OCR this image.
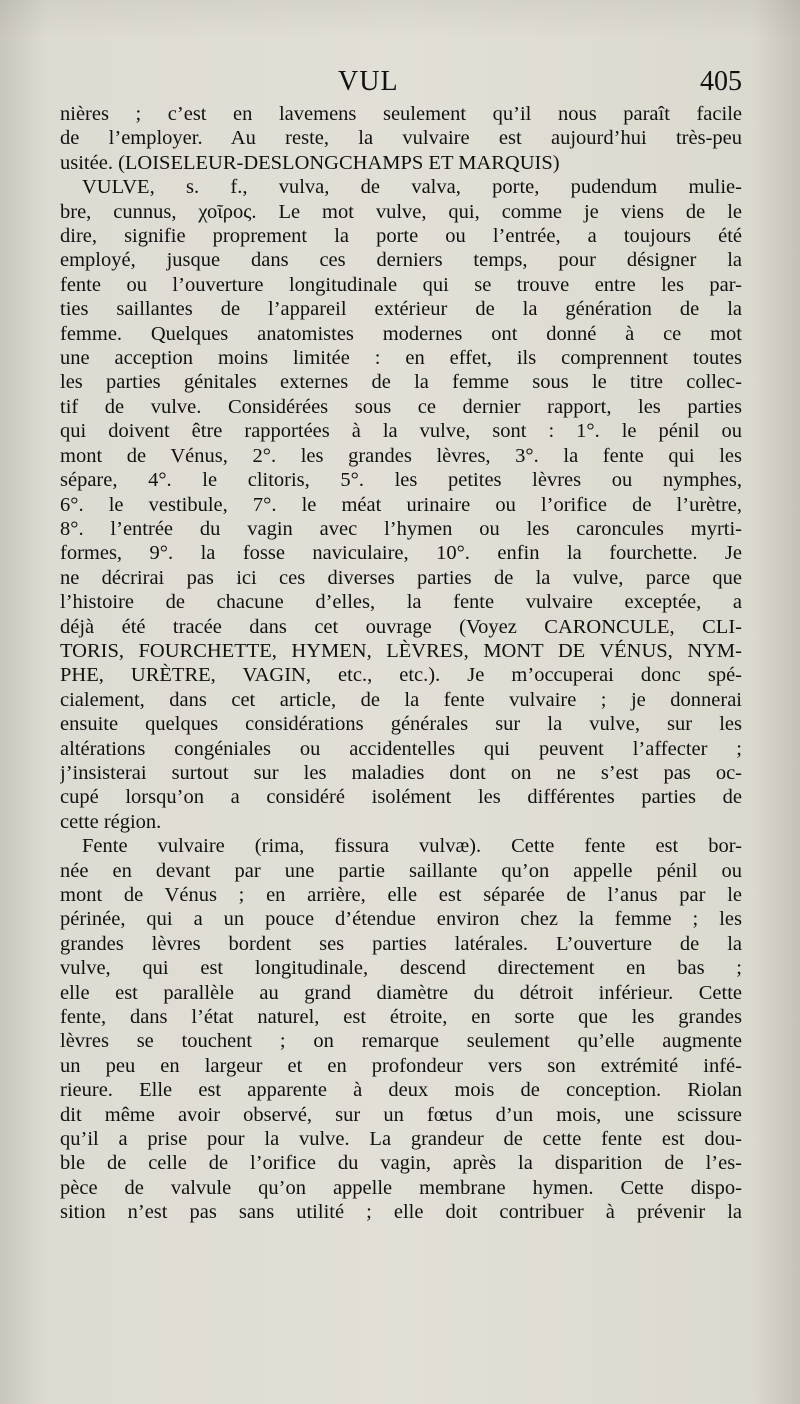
VUL	405
nières ; c’est en lavemens seulement qu’il nous paraît facile
de l’employer. Au reste, la vulvaire est aujourd’hui très-peu
usitée. (LOISELEUR-DESLONGCHAMPS ET MARQUIS)
VULVE, s. f., vulva, de valva, porte, pudendum mulie-
bre, cunnus, χοῖρος. Le mot vulve, qui, comme je viens de le
dire, signifie proprement la porte ou l’entrée, a toujours été
employé, jusque dans ces derniers temps, pour désigner la
fente ou l’ouverture longitudinale qui se trouve entre les par-
ties saillantes de l’appareil extérieur de la génération de la
femme. Quelques anatomistes modernes ont donné à ce mot
une acception moins limitée : en effet, ils comprennent toutes
les parties génitales externes de la femme sous le titre collec-
tif de vulve. Considérées sous ce dernier rapport, les parties
qui doivent être rapportées à la vulve, sont : 1°. le pénil ou
mont de Vénus, 2°. les grandes lèvres, 3°. la fente qui les
sépare, 4°. le clitoris, 5°. les petites lèvres ou nymphes,
6°. le vestibule, 7°. le méat urinaire ou l’orifice de l’urètre,
8°. l’entrée du vagin avec l’hymen ou les caroncules myrti-
formes, 9°. la fosse naviculaire, 10°. enfin la fourchette. Je
ne décrirai pas ici ces diverses parties de la vulve, parce que
l’histoire de chacune d’elles, la fente vulvaire exceptée, a
déjà été tracée dans cet ouvrage (Voyez CARONCULE, CLI-
TORIS, FOURCHETTE, HYMEN, LÈVRES, MONT DE VÉNUS, NYM-
PHE, URÈTRE, VAGIN, etc., etc.). Je m’occuperai donc spé-
cialement, dans cet article, de la fente vulvaire ; je donnerai
ensuite quelques considérations générales sur la vulve, sur les
altérations congéniales ou accidentelles qui peuvent l’affecter ;
j’insisterai surtout sur les maladies dont on ne s’est pas oc-
cupé lorsqu’on a considéré isolément les différentes parties de
cette région.
Fente vulvaire (rima, fissura vulvæ). Cette fente est bor-
née en devant par une partie saillante qu’on appelle pénil ou
mont de Vénus ; en arrière, elle est séparée de l’anus par le
périnée, qui a un pouce d’étendue environ chez la femme ; les
grandes lèvres bordent ses parties latérales. L’ouverture de la
vulve, qui est longitudinale, descend directement en bas ;
elle est parallèle au grand diamètre du détroit inférieur. Cette
fente, dans l’état naturel, est étroite, en sorte que les grandes
lèvres se touchent ; on remarque seulement qu’elle augmente
un peu en largeur et en profondeur vers son extrémité infé-
rieure. Elle est apparente à deux mois de conception. Riolan
dit même avoir observé, sur un fœtus d’un mois, une scissure
qu’il a prise pour la vulve. La grandeur de cette fente est dou-
ble de celle de l’orifice du vagin, après la disparition de l’es-
pèce de valvule qu’on appelle membrane hymen. Cette dispo-
sition n’est pas sans utilité ; elle doit contribuer à prévenir la
